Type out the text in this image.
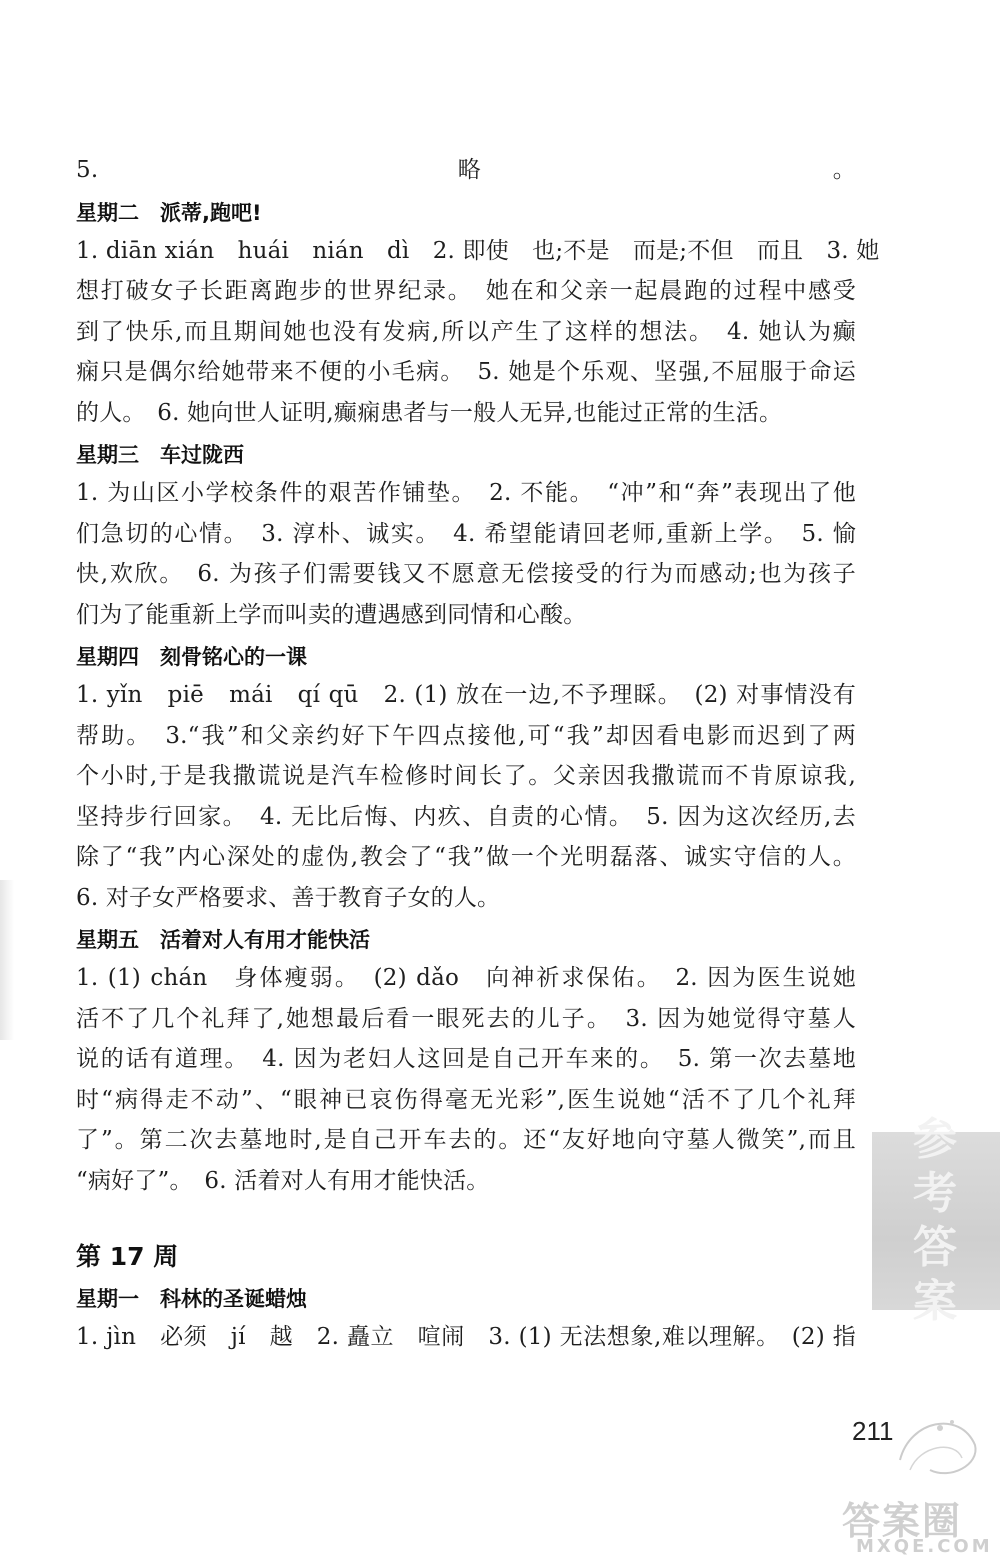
5. 略。
星期二　派蒂,跑吧!
1. diān xián　huái　nián　dì　2. 即使　也;不是　而是;不但　而且　3. 她
想打破女子长距离跑步的世界纪录。　她在和父亲一起晨跑的过程中感受
到了快乐,而且期间她也没有发病,所以产生了这样的想法。　4. 她认为癫
痫只是偶尔给她带来不便的小毛病。　5. 她是个乐观、坚强,不屈服于命运
的人。　6. 她向世人证明,癫痫患者与一般人无异,也能过正常的生活。
星期三　车过陇西
1. 为山区小学校条件的艰苦作铺垫。　2. 不能。　“冲”和“奔”表现出了他
们急切的心情。　3. 淳朴、诚实。　4. 希望能请回老师,重新上学。　5. 愉
快,欢欣。　6. 为孩子们需要钱又不愿意无偿接受的行为而感动;也为孩子
们为了能重新上学而叫卖的遭遇感到同情和心酸。
星期四　刻骨铭心的一课
1. yǐn　piē　mái　qí qū　2. (1) 放在一边,不予理睬。　(2) 对事情没有
帮助。　3.“我”和父亲约好下午四点接他,可“我”却因看电影而迟到了两
个小时,于是我撒谎说是汽车检修时间长了。父亲因我撒谎而不肯原谅我,
坚持步行回家。　4. 无比后悔、内疚、自责的心情。　5. 因为这次经历,去
除了“我”内心深处的虚伪,教会了“我”做一个光明磊落、诚实守信的人。
6. 对子女严格要求、善于教育子女的人。
星期五　活着对人有用才能快活
1. (1) chán　身体瘦弱。　(2) dǎo　向神祈求保佑。　2. 因为医生说她
活不了几个礼拜了,她想最后看一眼死去的儿子。　3. 因为她觉得守墓人
说的话有道理。　4. 因为老妇人这回是自己开车来的。　5. 第一次去墓地
时“病得走不动”、“眼神已哀伤得毫无光彩”,医生说她“活不了几个礼拜
了”。第二次去墓地时,是自己开车去的。还“友好地向守墓人微笑”,而且
“病好了”。　6. 活着对人有用才能快活。
第 17 周
星期一　科林的圣诞蜡烛
1. jìn　必须　jí　越　2. 矗立　喧闹　3. (1) 无法想象,难以理解。　(2) 指
参
考
答
案
211
答案圈
MXQE.COM
